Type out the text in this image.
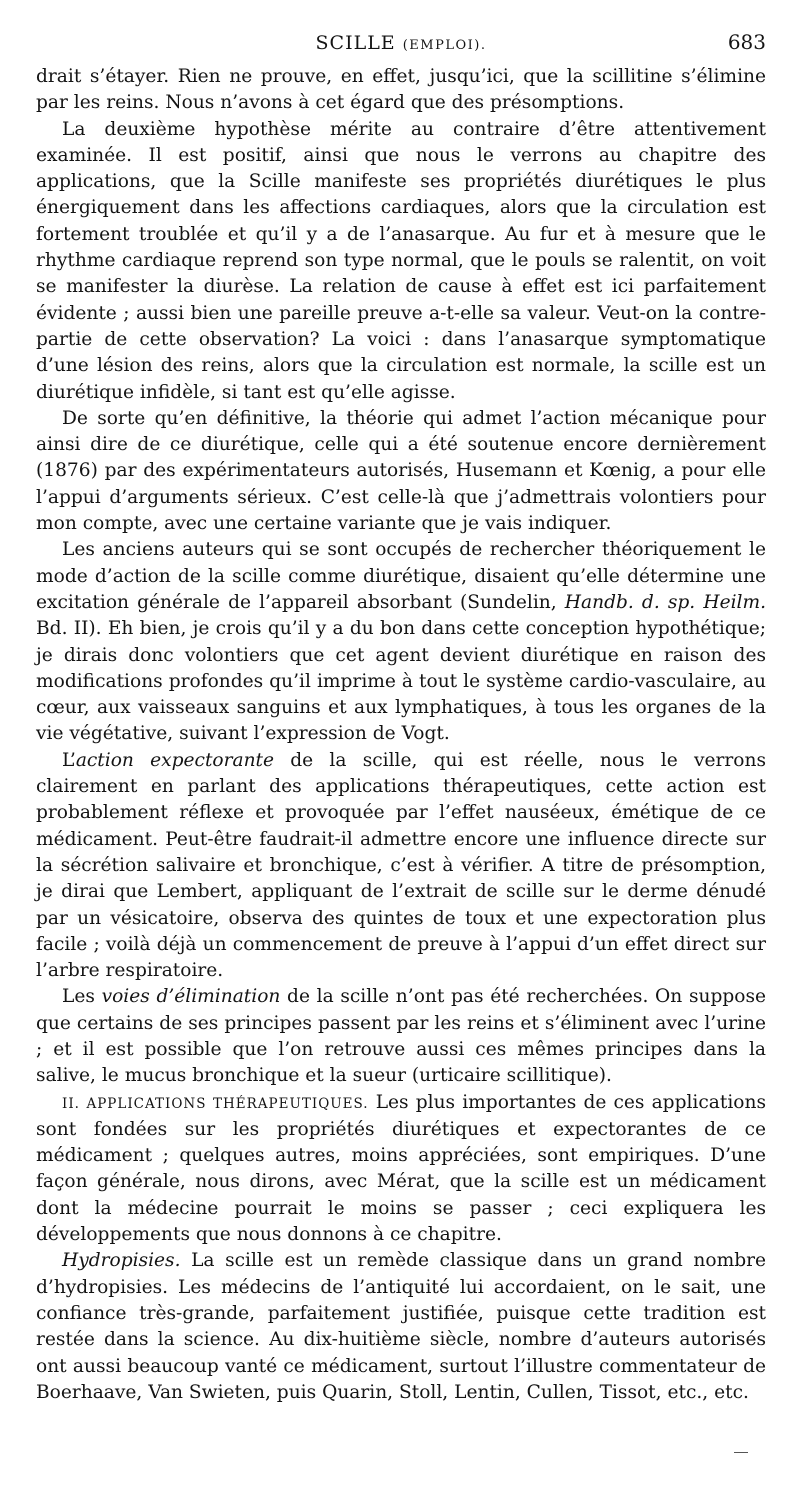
SCILLE (EMPLOI).	683

drait s’étayer. Rien ne prouve, en effet, jusqu’ici, que la scillitine s’élimine par les reins. Nous n’avons à cet égard que des présomptions.

La deuxième hypothèse mérite au contraire d’être attentivement examinée. Il est positif, ainsi que nous le verrons au chapitre des applications, que la Scille manifeste ses propriétés diurétiques le plus énergiquement dans les affections cardiaques, alors que la circulation est fortement troublée et qu’il y a de l’anasarque. Au fur et à mesure que le rhythme cardiaque reprend son type normal, que le pouls se ralentit, on voit se manifester la diurèse. La relation de cause à effet est ici parfaitement évidente ; aussi bien une pareille preuve a-t-elle sa valeur. Veut-on la contre-partie de cette observation? La voici : dans l’anasarque symptomatique d’une lésion des reins, alors que la circulation est normale, la scille est un diurétique infidèle, si tant est qu’elle agisse.

De sorte qu’en définitive, la théorie qui admet l’action mécanique pour ainsi dire de ce diurétique, celle qui a été soutenue encore dernièrement (1876) par des expérimentateurs autorisés, Husemann et Kœnig, a pour elle l’appui d’arguments sérieux. C’est celle-là que j’admettrais volontiers pour mon compte, avec une certaine variante que je vais indiquer.

Les anciens auteurs qui se sont occupés de rechercher théoriquement le mode d’action de la scille comme diurétique, disaient qu’elle détermine une excitation générale de l’appareil absorbant (Sundelin, Handb. d. sp. Heilm. Bd. II). Eh bien, je crois qu’il y a du bon dans cette conception hypothétique; je dirais donc volontiers que cet agent devient diurétique en raison des modifications profondes qu’il imprime à tout le système cardio-vasculaire, au cœur, aux vaisseaux sanguins et aux lymphatiques, à tous les organes de la vie végétative, suivant l’expression de Vogt.

L’action expectorante de la scille, qui est réelle, nous le verrons clairement en parlant des applications thérapeutiques, cette action est probablement réflexe et provoquée par l’effet nauséeux, émétique de ce médicament. Peut-être faudrait-il admettre encore une influence directe sur la sécrétion salivaire et bronchique, c’est à vérifier. A titre de présomption, je dirai que Lembert, appliquant de l’extrait de scille sur le derme dénudé par un vésicatoire, observa des quintes de toux et une expectoration plus facile ; voilà déjà un commencement de preuve à l’appui d’un effet direct sur l’arbre respiratoire.

Les voies d’élimination de la scille n’ont pas été recherchées. On suppose que certains de ses principes passent par les reins et s’éliminent avec l’urine ; et il est possible que l’on retrouve aussi ces mêmes principes dans la salive, le mucus bronchique et la sueur (urticaire scillitique).

II. APPLICATIONS THÉRAPEUTIQUES. Les plus importantes de ces applications sont fondées sur les propriétés diurétiques et expectorantes de ce médicament ; quelques autres, moins appréciées, sont empiriques. D’une façon générale, nous dirons, avec Mérat, que la scille est un médicament dont la médecine pourrait le moins se passer ; ceci expliquera les développements que nous donnons à ce chapitre.

Hydropisies. La scille est un remède classique dans un grand nombre d’hydropisies. Les médecins de l’antiquité lui accordaient, on le sait, une confiance très-grande, parfaitement justifiée, puisque cette tradition est restée dans la science. Au dix-huitième siècle, nombre d’auteurs autorisés ont aussi beaucoup vanté ce médicament, surtout l’illustre commentateur de Boerhaave, Van Swieten, puis Quarin, Stoll, Lentin, Cullen, Tissot, etc., etc.
